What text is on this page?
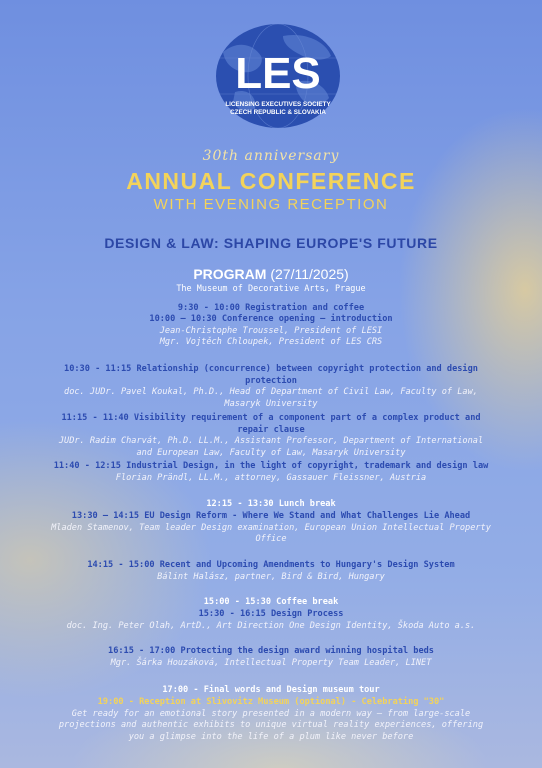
LES
LICENSING EXECUTIVES SOCIETY
CZECH REPUBLIC & SLOVAKIA
30th anniversary
ANNUAL CONFERENCE
WITH EVENING RECEPTION
DESIGN & LAW: SHAPING EUROPE'S FUTURE
PROGRAM (27/11/2025)
The Museum of Decorative Arts, Prague
9:30 - 10:00 Registration and coffee
10:00 – 10:30 Conference opening – introduction
Jean-Christophe Troussel, President of LESI
Mgr. Vojtěch Chloupek, President of LES CRS
10:30 - 11:15 Relationship (concurrence) between copyright protection and design protection
doc. JUDr. Pavel Koukal, Ph.D., Head of Department of Civil Law, Faculty of Law, Masaryk University
11:15 - 11:40 Visibility requirement of a component part of a complex product and repair clause
JUDr. Radim Charvát, Ph.D. LL.M., Assistant Professor, Department of International and European Law, Faculty of Law, Masaryk University
11:40 - 12:15 Industrial Design, in the light of copyright, trademark and design law
Florian Prändl, LL.M., attorney, Gassauer Fleissner, Austria
12:15 - 13:30 Lunch break
13:30 – 14:15 EU Design Reform - Where We Stand and What Challenges Lie Ahead
Mladen Stamenov, Team leader Design examination, European Union Intellectual Property Office
14:15 - 15:00 Recent and Upcoming Amendments to Hungary's Design System
Bálint Halász, partner, Bird & Bird, Hungary
15:00 - 15:30 Coffee break
15:30 - 16:15 Design Process
doc. Ing. Peter Olah, ArtD., Art Direction One Design Identity, Škoda Auto a.s.
16:15 - 17:00 Protecting the design award winning hospital beds
Mgr. Šárka Houzáková, Intellectual Property Team Leader, LINET
17:00 - Final words and Design museum tour
19:00 - Reception at Slivovitz Museum (optional) - Celebrating "30"
Get ready for an emotional story presented in a modern way – from large-scale projections and authentic exhibits to unique virtual reality experiences, offering you a glimpse into the life of a plum like never before
